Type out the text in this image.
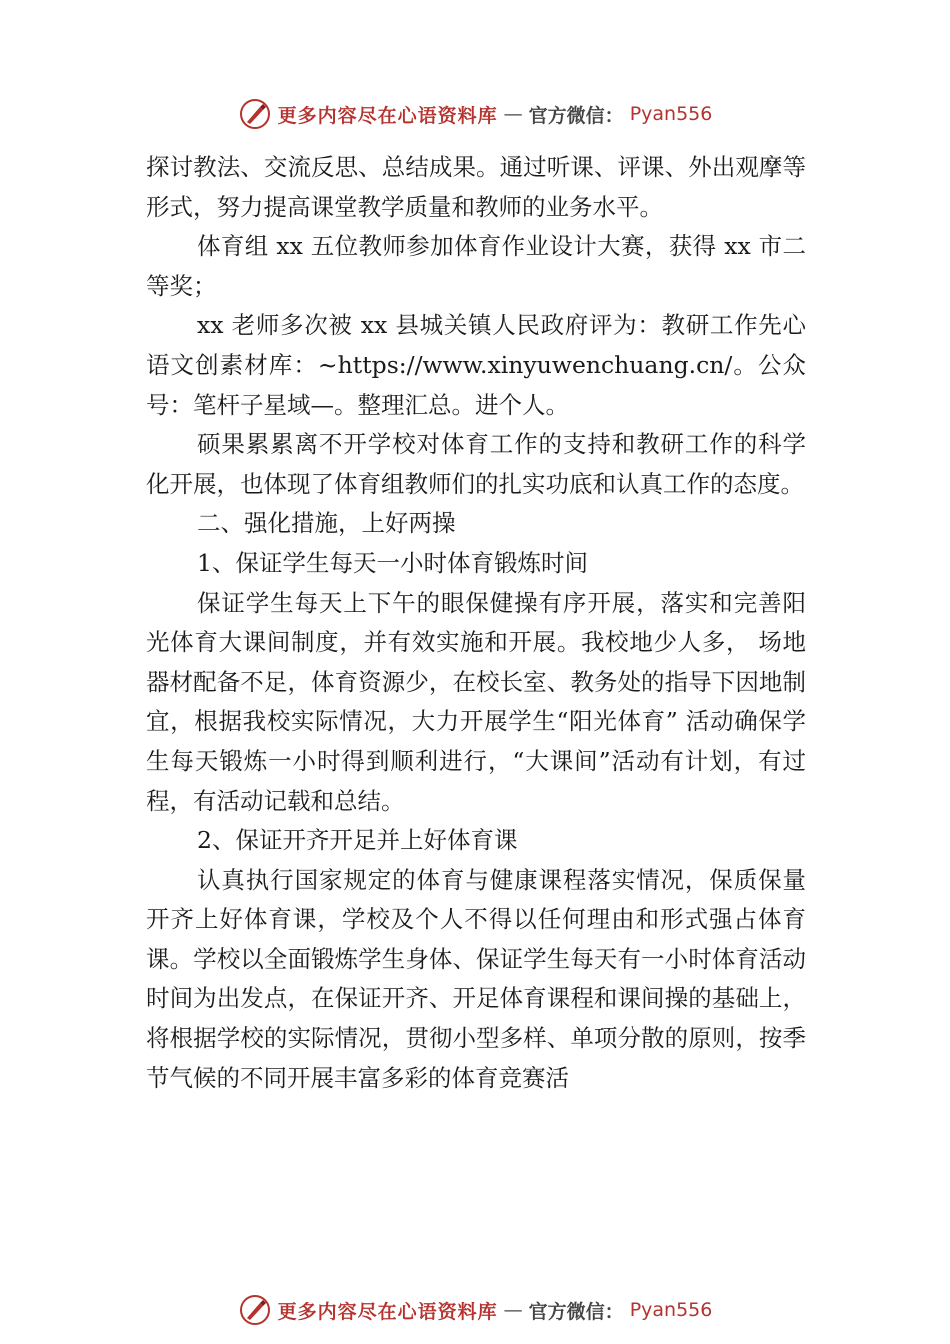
更多内容尽在心语资料库 — 官方微信： Pyan556

探讨教法、交流反思、总结成果。通过听课、评课、外出观摩等形式，努力提高课堂教学质量和教师的业务水平。

体育组 xx 五位教师参加体育作业设计大赛，获得 xx 市二等奖；

xx 老师多次被 xx 县城关镇人民政府评为：教研工作先心语文创素材库：~https://www.xinyuwenchuang.cn/。公众号：笔杆子星域—。整理汇总。进个人。

硕果累累离不开学校对体育工作的支持和教研工作的科学化开展，也体现了体育组教师们的扎实功底和认真工作的态度。

二、强化措施，上好两操

1、保证学生每天一小时体育锻炼时间

保证学生每天上下午的眼保健操有序开展，落实和完善阳光体育大课间制度，并有效实施和开展。我校地少人多， 场地器材配备不足，体育资源少，在校长室、教务处的指导下因地制宜，根据我校实际情况，大力开展学生“阳光体育” 活动确保学生每天锻炼一小时得到顺利进行，“大课间”活动有计划，有过程，有活动记载和总结。

2、保证开齐开足并上好体育课

认真执行国家规定的体育与健康课程落实情况，保质保量开齐上好体育课，学校及个人不得以任何理由和形式强占体育课。学校以全面锻炼学生身体、保证学生每天有一小时体育活动时间为出发点，在保证开齐、开足体育课程和课间操的基础上，将根据学校的实际情况，贯彻小型多样、单项分散的原则，按季节气候的不同开展丰富多彩的体育竞赛活

更多内容尽在心语资料库 — 官方微信： Pyan556
